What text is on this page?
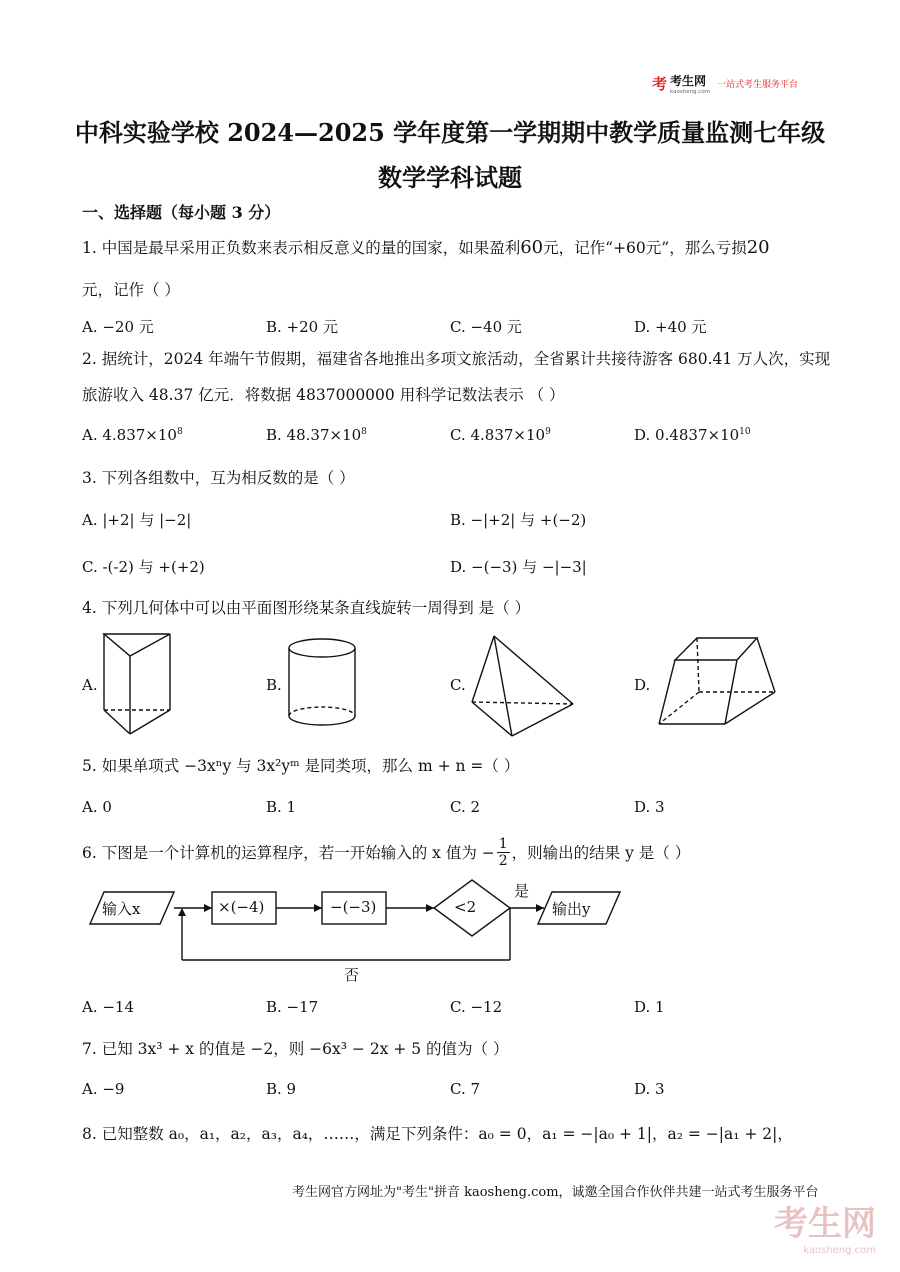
考 考生网
kaosheng.com
一站式考生服务平台
中科实验学校 2024—2025 学年度第一学期期中教学质量监测七年级
数学学科试题
一、选择题（每小题 3 分）
1. 中国是最早采用正负数来表示相反意义的量的国家，如果盈利60元，记作“+60元”，那么亏损20
元，记作（ ）
A. −20 元	B. +20 元	C. −40 元	D. +40 元
2. 据统计，2024 年端午节假期，福建省各地推出多项文旅活动，全省累计共接待游客 680.41 万人次，实现
旅游收入 48.37 亿元．将数据 4837000000 用科学记数法表示 （ ）
A. $4.837\times 10^8$	B. $48.37\times 10^8$	C. $4.837\times 10^9$	D. $0.4837\times 10^{10}$
3. 下列各组数中，互为相反数的是（ ）
A. |+2| 与 |−2|	B. −|+2| 与 +(−2)
C. -(-2) 与 +(+2)	D. −(−3) 与 −|−3|
4. 下列几何体中可以由平面图形绕某条直线旋转一周得到 是（ ）
A.	B.	C.	D.
5. 如果单项式 −3xⁿy 与 3x²yᵐ 是同类项，那么 m + n =（ ）
A. 0	B. 1	C. 2	D. 3
6. 下图是一个计算机的运算程序，若一开始输入的 x 值为 − $\frac{1}{2}$ ，则输出的结果 y 是（ ）
输入x	×(−4)	−(−3)	<2
是
否
输出y
A. −14	B. −17	C. −12	D. 1
7. 已知 3x³ + x 的值是 −2，则 −6x³ − 2x + 5 的值为（ ）
A. −9	B. 9	C. 7	D. 3
8. 已知整数 a₀，a₁，a₂，a₃，a₄，……，满足下列条件：a₀ = 0，a₁ = −|a₀ + 1|，a₂ = −|a₁ + 2|，
考生网官方网址为"考生"拼音 kaosheng.com，诚邀全国合作伙伴共建一站式考生服务平台
考生网
kaosheng.com
